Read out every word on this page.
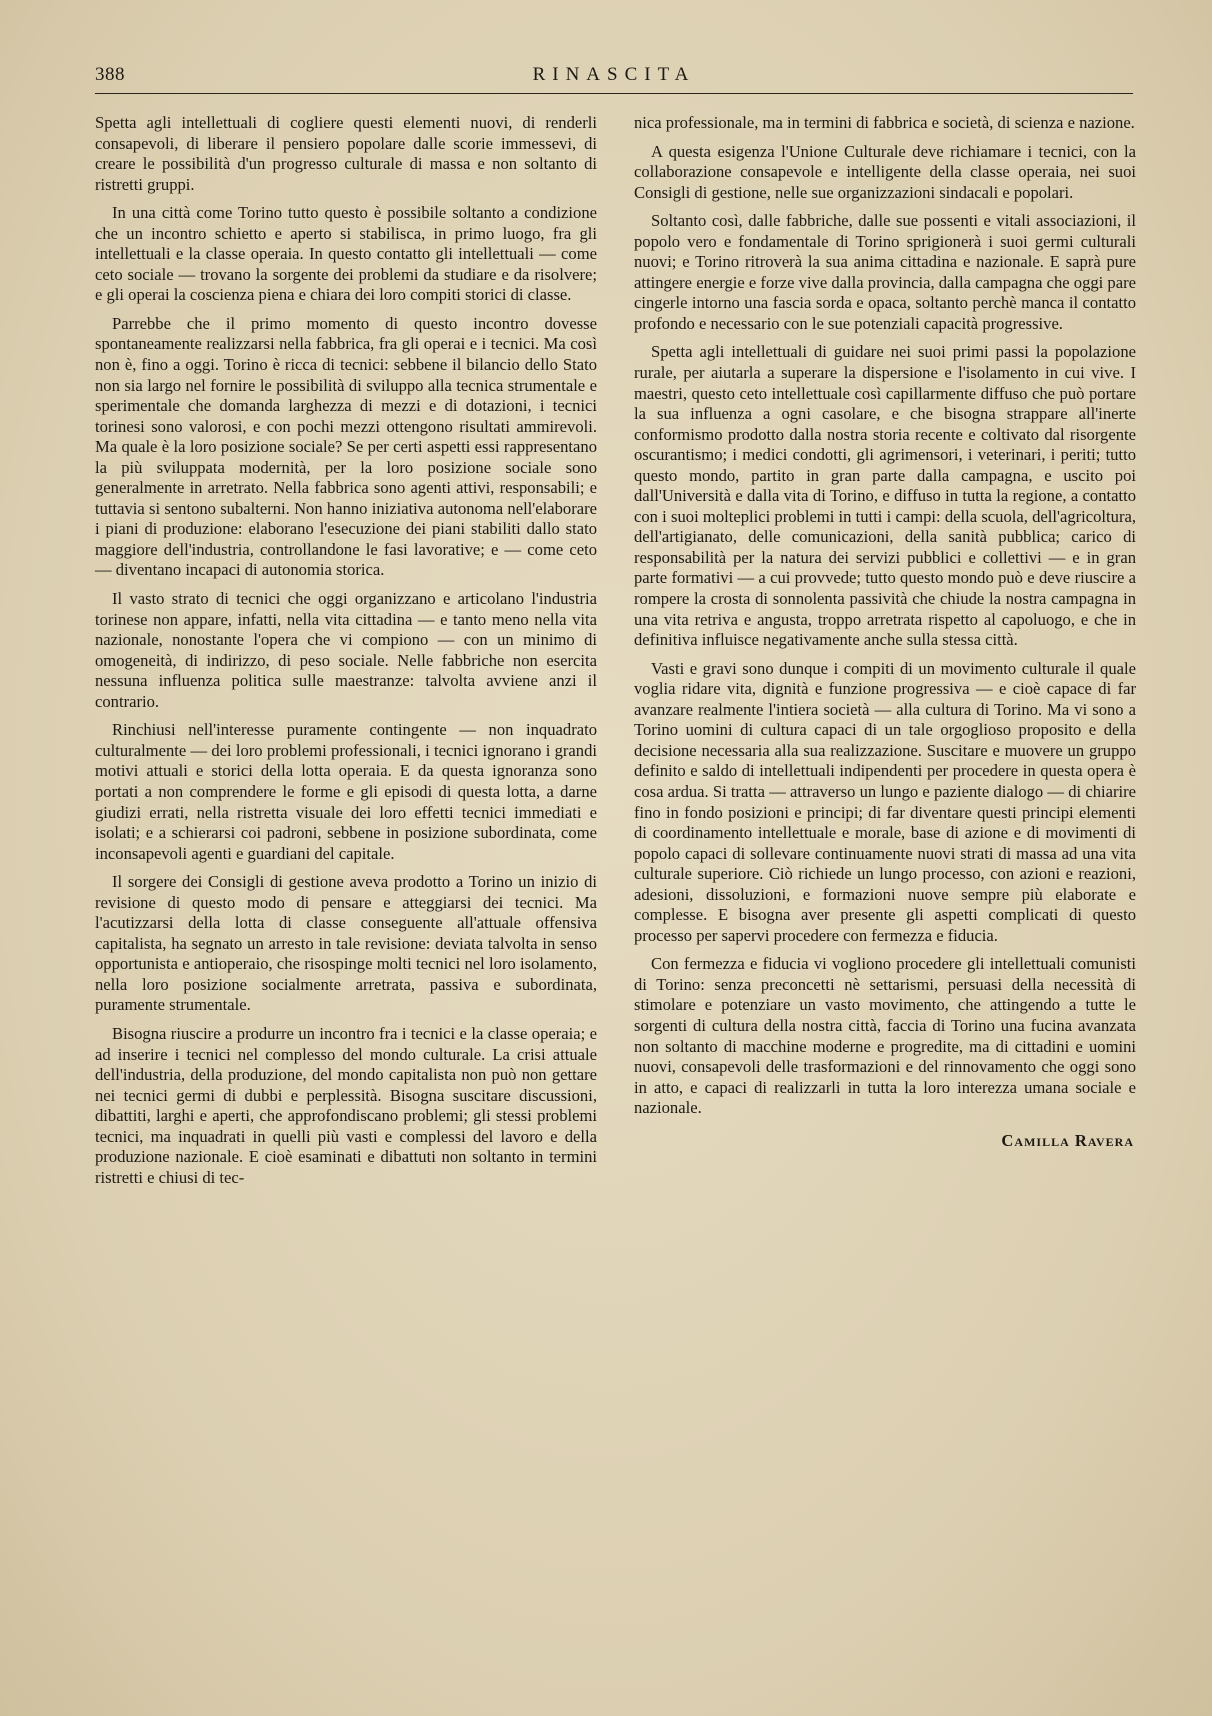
388	RINASCITA

Spetta agli intellettuali di cogliere questi elementi nuovi, di renderli consapevoli, di liberare il pensiero popolare dalle scorie immessevi, di creare le possibilità d'un progresso culturale di massa e non soltanto di ristretti gruppi.

In una città come Torino tutto questo è possibile soltanto a condizione che un incontro schietto e aperto si stabilisca, in primo luogo, fra gli intellettuali e la classe operaia. In questo contatto gli intellettuali — come ceto sociale — trovano la sorgente dei problemi da studiare e da risolvere; e gli operai la coscienza piena e chiara dei loro compiti storici di classe.

Parrebbe che il primo momento di questo incontro dovesse spontaneamente realizzarsi nella fabbrica, fra gli operai e i tecnici. Ma così non è, fino a oggi. Torino è ricca di tecnici: sebbene il bilancio dello Stato non sia largo nel fornire le possibilità di sviluppo alla tecnica strumentale e sperimentale che domanda larghezza di mezzi e di dotazioni, i tecnici torinesi sono valorosi, e con pochi mezzi ottengono risultati ammirevoli. Ma quale è la loro posizione sociale? Se per certi aspetti essi rappresentano la più sviluppata modernità, per la loro posizione sociale sono generalmente in arretrato. Nella fabbrica sono agenti attivi, responsabili; e tuttavia si sentono subalterni. Non hanno iniziativa autonoma nell'elaborare i piani di produzione: elaborano l'esecuzione dei piani stabiliti dallo stato maggiore dell'industria, controllandone le fasi lavorative; e — come ceto — diventano incapaci di autonomia storica.

Il vasto strato di tecnici che oggi organizzano e articolano l'industria torinese non appare, infatti, nella vita cittadina — e tanto meno nella vita nazionale, nonostante l'opera che vi compiono — con un minimo di omogeneità, di indirizzo, di peso sociale. Nelle fabbriche non esercita nessuna influenza politica sulle maestranze: talvolta avviene anzi il contrario.

Rinchiusi nell'interesse puramente contingente — non inquadrato culturalmente — dei loro problemi professionali, i tecnici ignorano i grandi motivi attuali e storici della lotta operaia. E da questa ignoranza sono portati a non comprendere le forme e gli episodi di questa lotta, a darne giudizi errati, nella ristretta visuale dei loro effetti tecnici immediati e isolati; e a schierarsi coi padroni, sebbene in posizione subordinata, come inconsapevoli agenti e guardiani del capitale.

Il sorgere dei Consigli di gestione aveva prodotto a Torino un inizio di revisione di questo modo di pensare e atteggiarsi dei tecnici. Ma l'acutizzarsi della lotta di classe conseguente all'attuale offensiva capitalista, ha segnato un arresto in tale revisione: deviata talvolta in senso opportunista e antioperaio, che risospinge molti tecnici nel loro isolamento, nella loro posizione socialmente arretrata, passiva e subordinata, puramente strumentale.

Bisogna riuscire a produrre un incontro fra i tecnici e la classe operaia; e ad inserire i tecnici nel complesso del mondo culturale. La crisi attuale dell'industria, della produzione, del mondo capitalista non può non gettare nei tecnici germi di dubbi e perplessità. Bisogna suscitare discussioni, dibattiti, larghi e aperti, che approfondiscano problemi; gli stessi problemi tecnici, ma inquadrati in quelli più vasti e complessi del lavoro e della produzione nazionale. E cioè esaminati e dibattuti non soltanto in termini ristretti e chiusi di tec-

nica professionale, ma in termini di fabbrica e società, di scienza e nazione.

A questa esigenza l'Unione Culturale deve richiamare i tecnici, con la collaborazione consapevole e intelligente della classe operaia, nei suoi Consigli di gestione, nelle sue organizzazioni sindacali e popolari.

Soltanto così, dalle fabbriche, dalle sue possenti e vitali associazioni, il popolo vero e fondamentale di Torino sprigionerà i suoi germi culturali nuovi; e Torino ritroverà la sua anima cittadina e nazionale. E saprà pure attingere energie e forze vive dalla provincia, dalla campagna che oggi pare cingerle intorno una fascia sorda e opaca, soltanto perchè manca il contatto profondo e necessario con le sue potenziali capacità progressive.

Spetta agli intellettuali di guidare nei suoi primi passi la popolazione rurale, per aiutarla a superare la dispersione e l'isolamento in cui vive. I maestri, questo ceto intellettuale così capillarmente diffuso che può portare la sua influenza a ogni casolare, e che bisogna strappare all'inerte conformismo prodotto dalla nostra storia recente e coltivato dal risorgente oscurantismo; i medici condotti, gli agrimensori, i veterinari, i periti; tutto questo mondo, partito in gran parte dalla campagna, e uscito poi dall'Università e dalla vita di Torino, e diffuso in tutta la regione, a contatto con i suoi molteplici problemi in tutti i campi: della scuola, dell'agricoltura, dell'artigianato, delle comunicazioni, della sanità pubblica; carico di responsabilità per la natura dei servizi pubblici e collettivi — e in gran parte formativi — a cui provvede; tutto questo mondo può e deve riuscire a rompere la crosta di sonnolenta passività che chiude la nostra campagna in una vita retriva e angusta, troppo arretrata rispetto al capoluogo, e che in definitiva influisce negativamente anche sulla stessa città.

Vasti e gravi sono dunque i compiti di un movimento culturale il quale voglia ridare vita, dignità e funzione progressiva — e cioè capace di far avanzare realmente l'intiera società — alla cultura di Torino. Ma vi sono a Torino uomini di cultura capaci di un tale orgoglioso proposito e della decisione necessaria alla sua realizzazione. Suscitare e muovere un gruppo definito e saldo di intellettuali indipendenti per procedere in questa opera è cosa ardua. Si tratta — attraverso un lungo e paziente dialogo — di chiarire fino in fondo posizioni e principi; di far diventare questi principi elementi di coordinamento intellettuale e morale, base di azione e di movimenti di popolo capaci di sollevare continuamente nuovi strati di massa ad una vita culturale superiore. Ciò richiede un lungo processo, con azioni e reazioni, adesioni, dissoluzioni, e formazioni nuove sempre più elaborate e complesse. E bisogna aver presente gli aspetti complicati di questo processo per sapervi procedere con fermezza e fiducia.

Con fermezza e fiducia vi vogliono procedere gli intellettuali comunisti di Torino: senza preconcetti nè settarismi, persuasi della necessità di stimolare e potenziare un vasto movimento, che attingendo a tutte le sorgenti di cultura della nostra città, faccia di Torino una fucina avanzata non soltanto di macchine moderne e progredite, ma di cittadini e uomini nuovi, consapevoli delle trasformazioni e del rinnovamento che oggi sono in atto, e capaci di realizzarli in tutta la loro interezza umana sociale e nazionale.

Camilla Ravera
